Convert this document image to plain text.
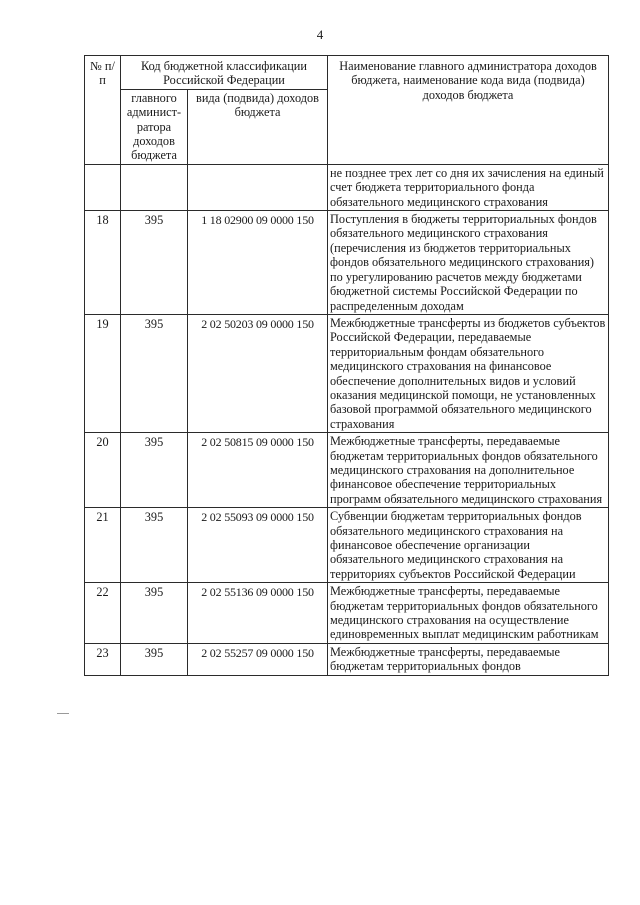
4
№ п/п	Код бюджетной классификации Российской Федерации		Наименование главного администратора доходов бюджета, наименование кода вида (подвида) доходов бюджета
	главного админист-ратора доходов бюджета	вида (подвида) доходов бюджета	
			не позднее трех лет со дня их зачисления на единый счет бюджета территориального фонда обязательного медицинского страхования
18	395	1 18 02900 09 0000 150	Поступления в бюджеты территориальных фондов обязательного медицинского страхования (перечисления из бюджетов территориальных фондов обязательного медицинского страхования) по урегулированию расчетов между бюджетами бюджетной системы Российской Федерации по распределенным доходам
19	395	2 02 50203 09 0000 150	Межбюджетные трансферты из бюджетов субъектов Российской Федерации, передаваемые территориальным фондам обязательного медицинского страхования на финансовое обеспечение дополнительных видов и условий оказания медицинской помощи, не установленных базовой программой обязательного медицинского страхования
20	395	2 02 50815 09 0000 150	Межбюджетные трансферты, передаваемые бюджетам территориальных фондов обязательного медицинского страхования на дополнительное финансовое обеспечение территориальных программ обязательного медицинского страхования
21	395	2 02 55093 09 0000 150	Субвенции бюджетам территориальных фондов обязательного медицинского страхования на финансовое обеспечение организации обязательного медицинского страхования на территориях субъектов Российской Федерации
22	395	2 02 55136 09 0000 150	Межбюджетные трансферты, передаваемые бюджетам территориальных фондов обязательного медицинского страхования на осуществление единовременных выплат медицинским работникам
23	395	2 02 55257 09 0000 150	Межбюджетные трансферты, передаваемые бюджетам территориальных фондов
